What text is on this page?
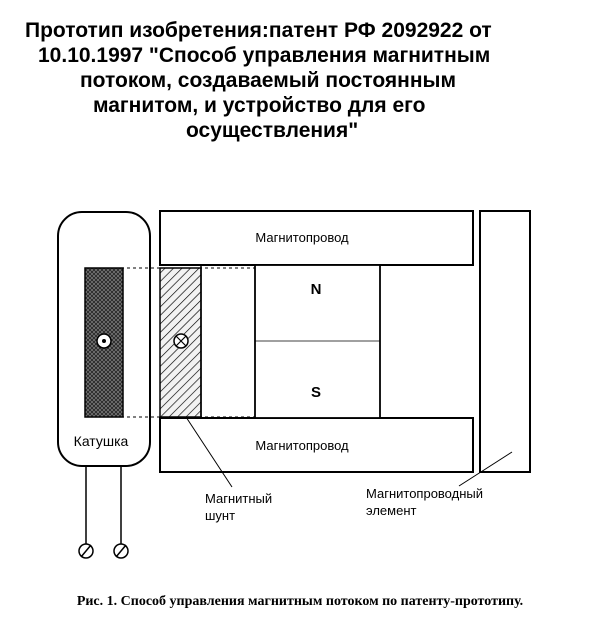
Прототип изобретения:патент РФ 2092922 от
10.10.1997 "Способ управления магнитным
потоком, создаваемый постоянным
магнитом, и устройство для его
осуществления"
Катушка
Магнитопровод
Магнитопровод
N
S
Магнитный шунт
Магнитопроводный элемент
Рис. 1. Способ управления магнитным потоком по патенту-прототипу.
